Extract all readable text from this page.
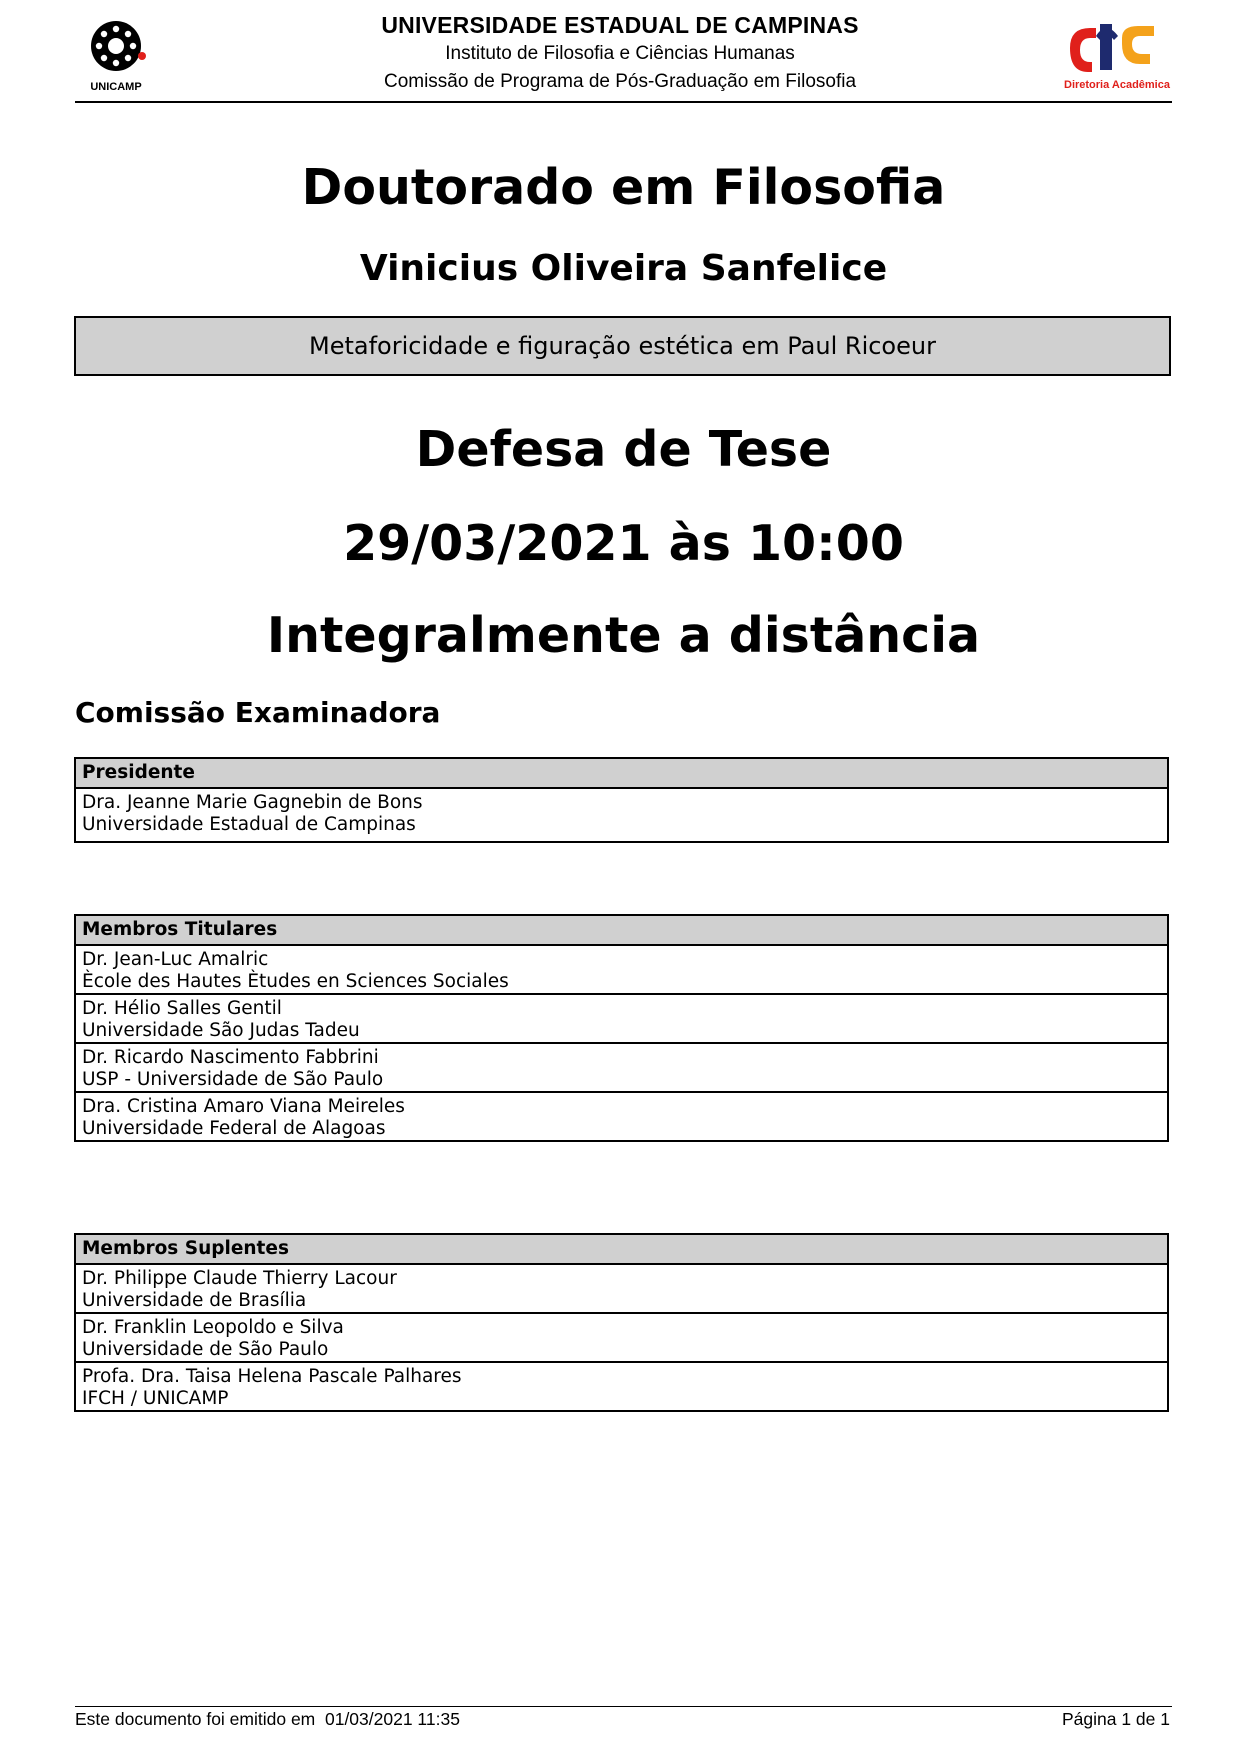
UNICAMP
UNIVERSIDADE ESTADUAL DE CAMPINAS
Instituto de Filosofia e Ciências Humanas
Comissão de Programa de Pós-Graduação em Filosofia	Diretoria Acadêmica
Doutorado em Filosofia
Vinicius Oliveira Sanfelice
Metaforicidade e figuração estética em Paul Ricoeur
Defesa de Tese
29/03/2021 às 10:00
Integralmente a distância
Comissão Examinadora
Presidente

Dra. Jeanne Marie Gagnebin de Bons
Universidade Estadual de Campinas
Membros Titulares

Dr. Jean-Luc Amalric
Ècole des Hautes Ètudes en Sciences Sociales

Dr. Hélio Salles Gentil
Universidade São Judas Tadeu

Dr. Ricardo Nascimento Fabbrini
USP - Universidade de São Paulo

Dra. Cristina Amaro Viana Meireles
Universidade Federal de Alagoas
Membros Suplentes

Dr. Philippe Claude Thierry Lacour
Universidade de Brasília

Dr. Franklin Leopoldo e Silva
Universidade de São Paulo

Profa. Dra. Taisa Helena Pascale Palhares
IFCH / UNICAMP
Este documento foi emitido em  01/03/2021 11:35	Página 1 de 1
